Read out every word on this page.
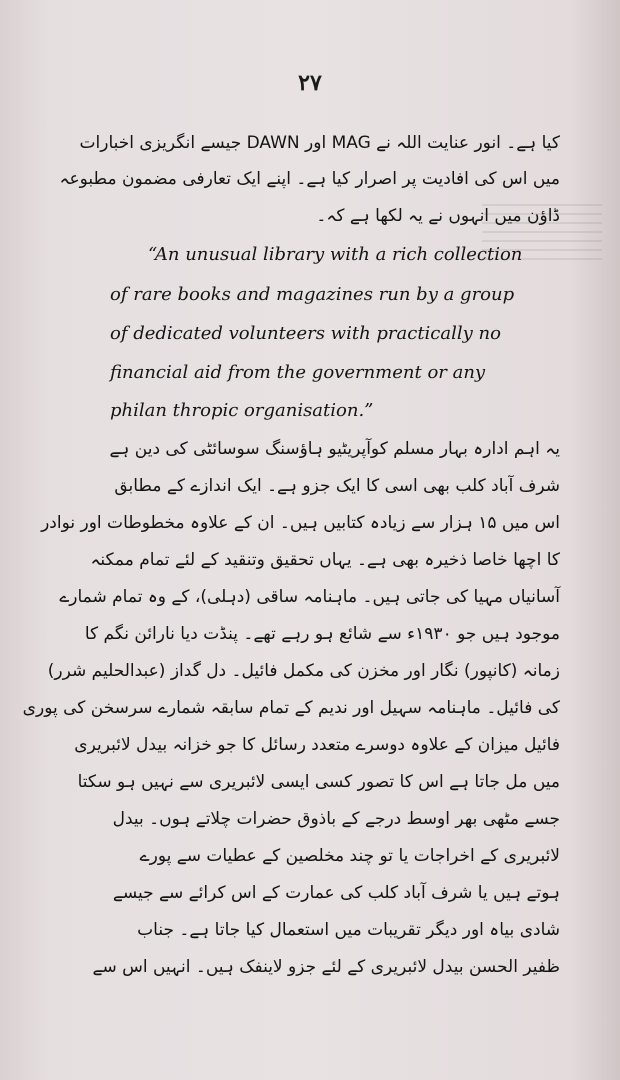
۲۷
کیا ہے۔ انور عنایت اللہ نے MAG اور DAWN جیسے انگریزی اخبارات
میں اس کی افادیت پر اصرار کیا ہے۔ اپنے ایک تعارفی مضمون مطبوعہ
ڈاؤن میں انہوں نے یہ لکھا ہے کہ۔
“An unusual library with a rich collection
of rare books and magazines run by a group
of dedicated volunteers with practically no
financial aid from the government or any
philan thropic organisation.”
یہ اہم ادارہ بہار مسلم کوآپریٹیو ہاؤسنگ سوسائٹی کی دین ہے
شرف آباد کلب بھی اسی کا ایک جزو ہے۔ ایک اندازے کے مطابق
اس میں ۱۵ ہزار سے زیادہ کتابیں ہیں۔ ان کے علاوہ مخطوطات اور نوادر
کا اچھا خاصا ذخیرہ بھی ہے۔ یہاں تحقیق وتنقید کے لئے تمام ممکنہ
آسانیاں مہیا کی جاتی ہیں۔ ماہنامہ ساقی (دہلی)، کے وہ تمام شمارے
موجود ہیں جو ۱۹۳۰ء سے شائع ہو رہے تھے۔ پنڈت دیا نارائن نگم کا
زمانہ (کانپور) نگار اور مخزن کی مکمل فائیل۔ دل گداز (عبدالحلیم شرر)
کی فائیل۔ ماہنامہ سہیل اور ندیم کے تمام سابقہ شمارے سرسخن کی پوری
فائیل میزان کے علاوہ دوسرے متعدد رسائل کا جو خزانہ بیدل لائبریری
میں مل جاتا ہے اس کا تصور کسی ایسی لائبریری سے نہیں ہو سکتا
جسے مٹھی بھر اوسط درجے کے باذوق حضرات چلاتے ہوں۔ بیدل
لائبریری کے اخراجات یا تو چند مخلصین کے عطیات سے پورے
ہوتے ہیں یا شرف آباد کلب کی عمارت کے اس کرائے سے جیسے
شادی بیاہ اور دیگر تقریبات میں استعمال کیا جاتا ہے۔ جناب
ظفیر الحسن بیدل لائبریری کے لئے جزو لاینفک ہیں۔ انہیں اس سے
